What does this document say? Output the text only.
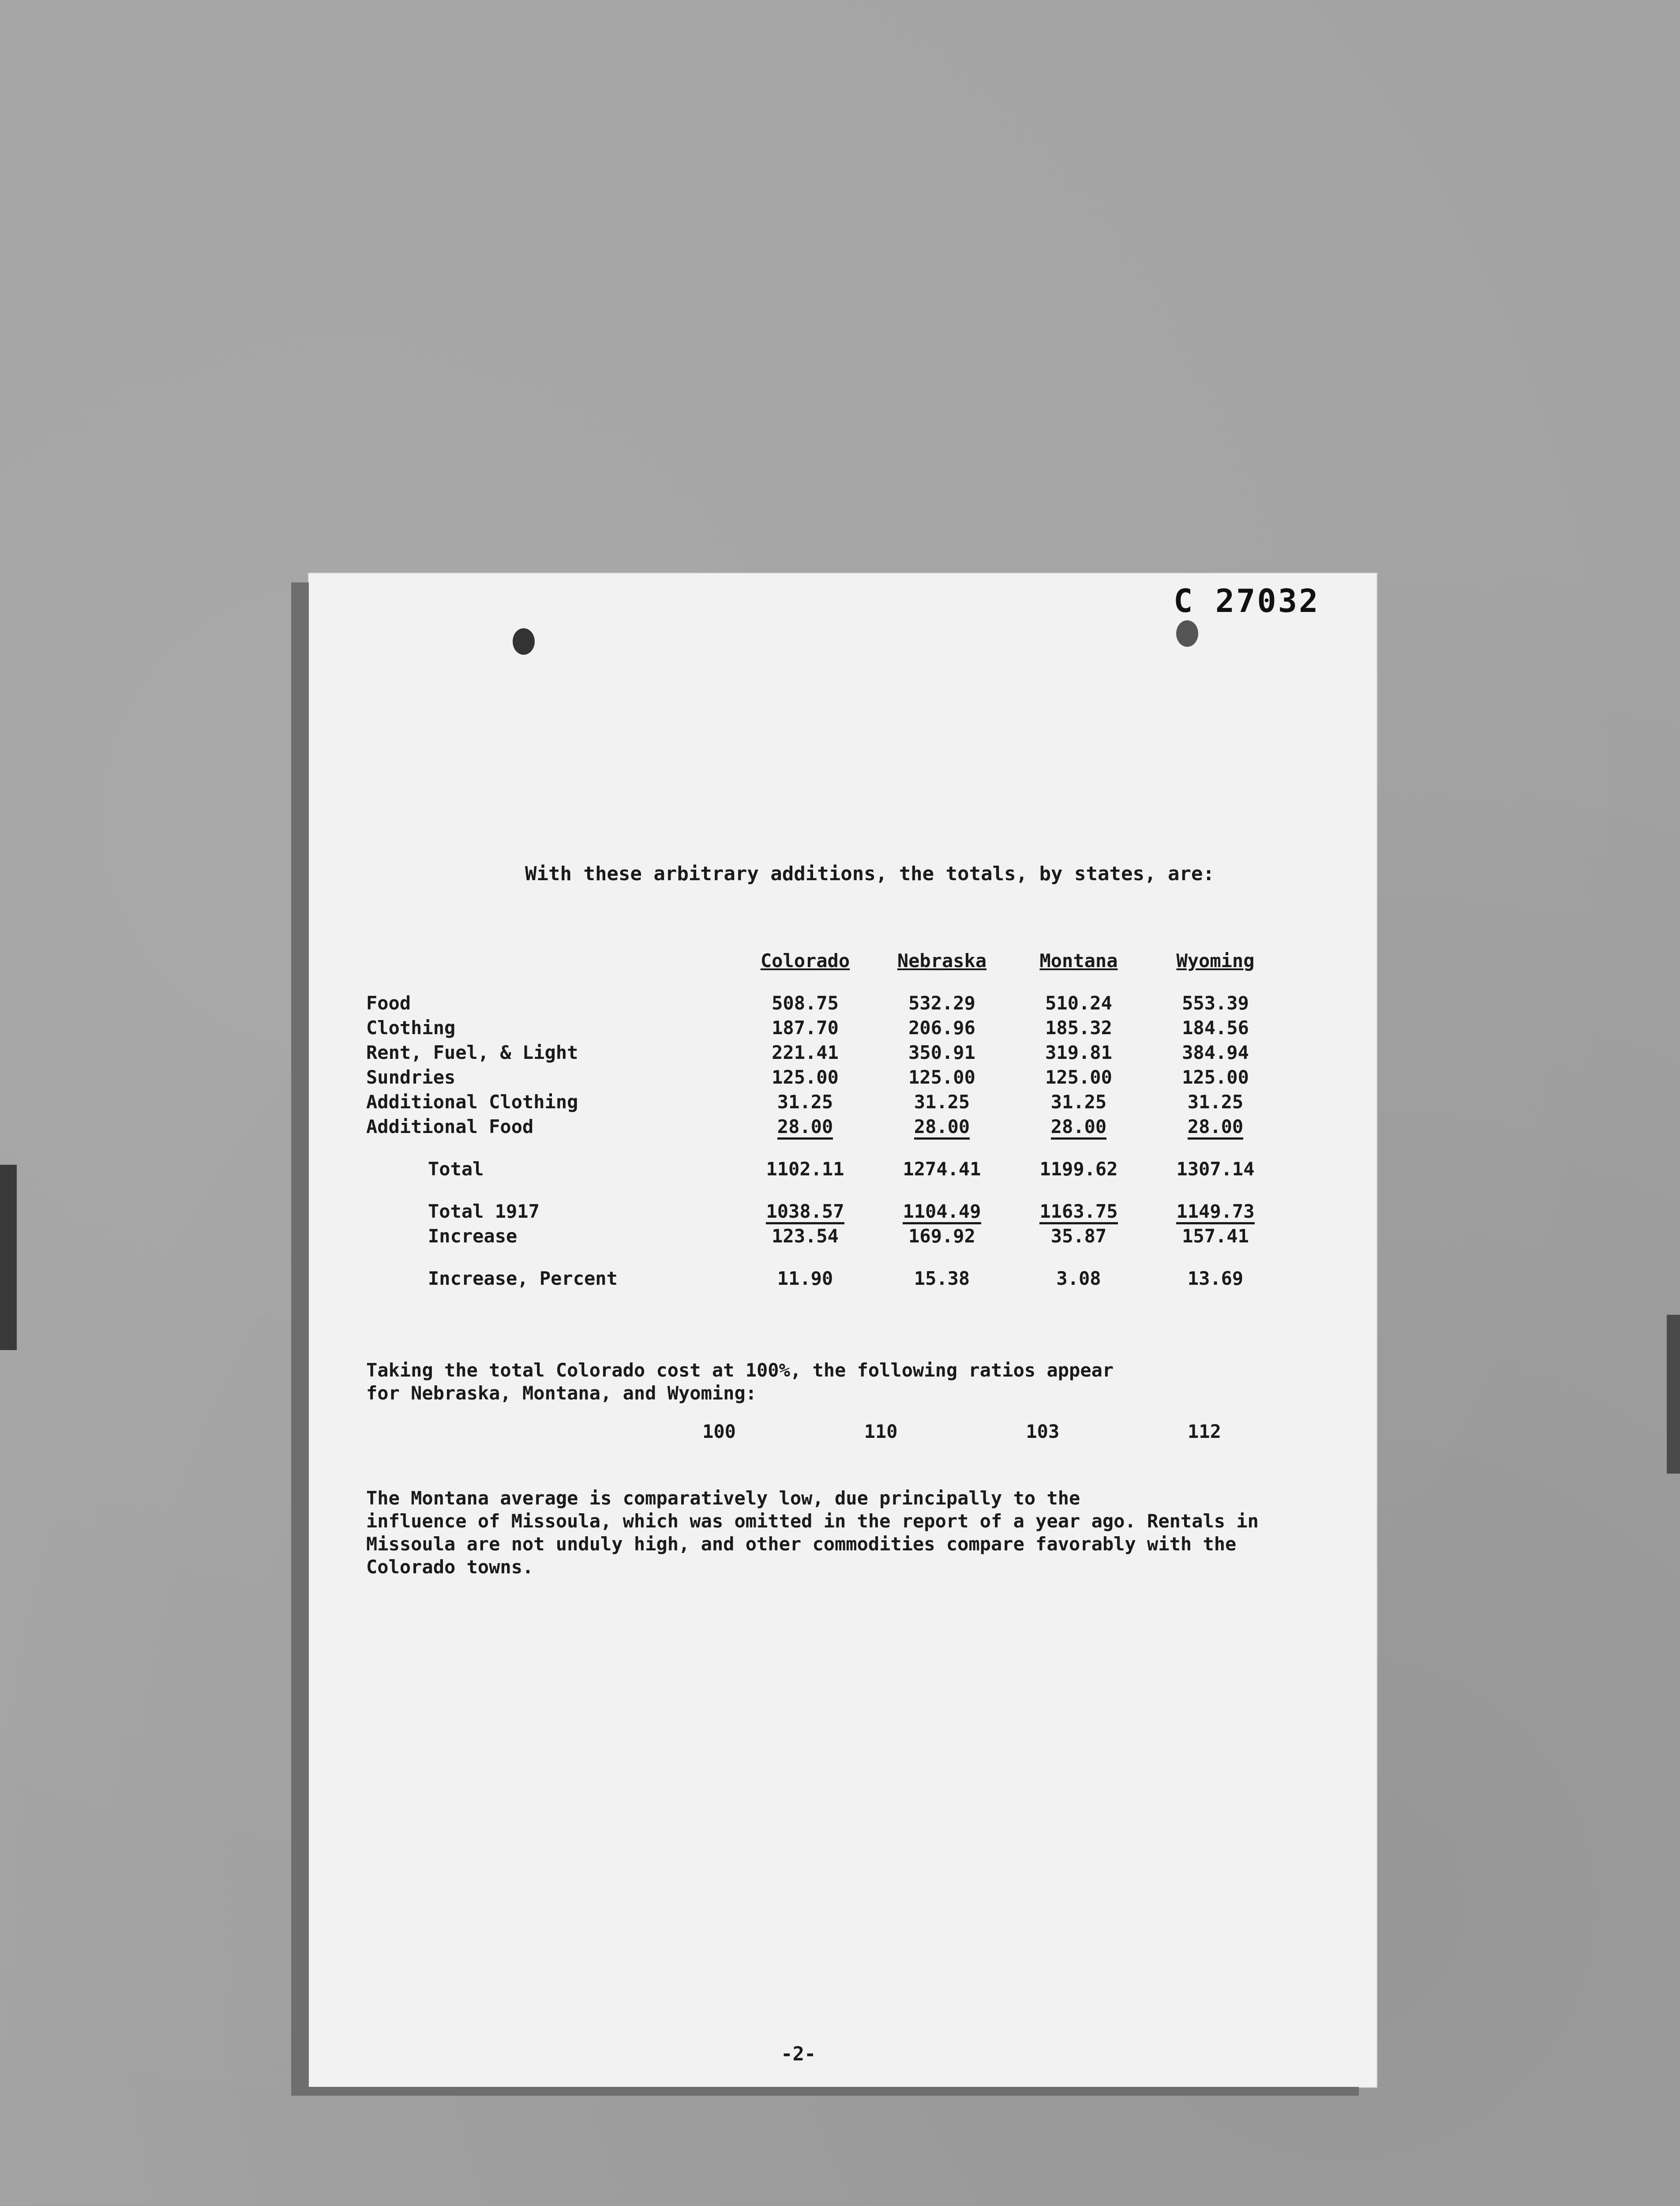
C 27032
With these arbitrary additions, the totals, by states, are:
	Colorado	Nebraska	Montana	Wyoming
Food	508.75	532.29	510.24	553.39
Clothing	187.70	206.96	185.32	184.56
Rent, Fuel, & Light	221.41	350.91	319.81	384.94
Sundries	125.00	125.00	125.00	125.00
Additional Clothing	31.25	31.25	31.25	31.25
Additional Food	28.00	28.00	28.00	28.00

Total	1102.11	1274.41	1199.62	1307.14

Total 1917	1038.57	1104.49	1163.75	1149.73
Increase	123.54	169.92	35.87	157.41

Increase, Percent	11.90	15.38	3.08	13.69
Taking the total Colorado cost at 100%, the following ratios appear
for Nebraska, Montana, and Wyoming:
100	110	103	112
The Montana average is comparatively low, due principally to the
influence of Missoula, which was omitted in the report of a year ago. Rentals in
Missoula are not unduly high, and other commodities compare favorably with the
Colorado towns.
-2-
